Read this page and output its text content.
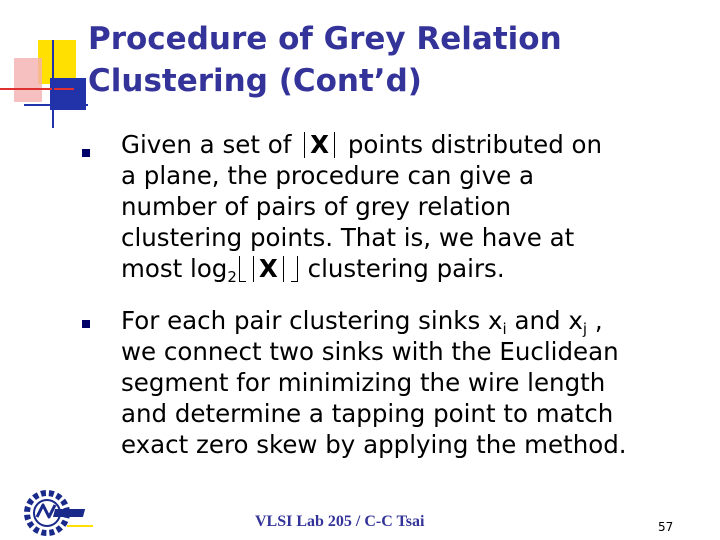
Procedure of Grey Relation
Clustering (Cont’d)
Given a set of X points distributed on
a plane, the procedure can give a
number of pairs of grey relation
clustering points. That is, we have at
most $\log_2 X$ clustering pairs.
For each pair clustering sinks $x_i$ and $x_j$ ,
we connect two sinks with the Euclidean
segment for minimizing the wire length
and determine a tapping point to match
exact zero skew by applying the method.
VLSI Lab 205 / C-C Tsai	57
